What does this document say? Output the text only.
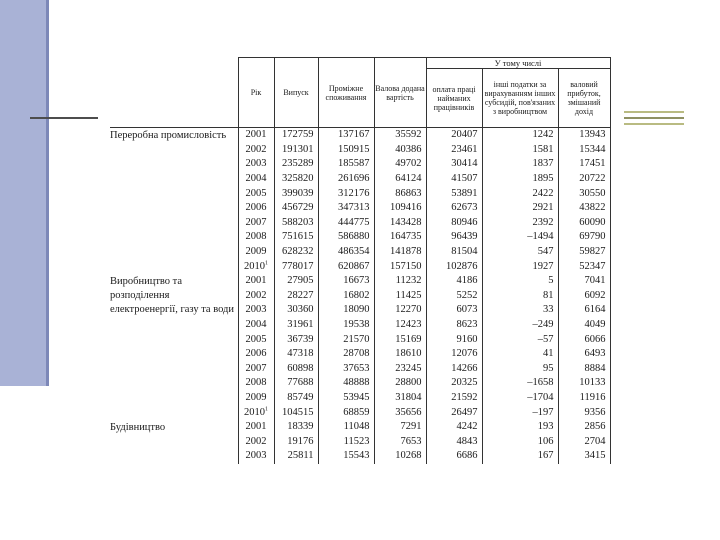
	Рік	Випуск	Проміжне споживання	Валова додана вартість	У тому числі		
					оплата праці найманих працівників	інші податки за вирахуванням інших субсидій, пов'язаних з виробництвом	валовий прибуток, змішаний дохід
Переробна промисловість	2001	172759	137167	35592	20407	1242	13943
	2002	191301	150915	40386	23461	1581	15344
	2003	235289	185587	49702	30414	1837	17451
	2004	325820	261696	64124	41507	1895	20722
	2005	399039	312176	86863	53891	2422	30550
	2006	456729	347313	109416	62673	2921	43822
	2007	588203	444775	143428	80946	2392	60090
	2008	751615	586880	164735	96439	–1494	69790
	2009	628232	486354	141878	81504	547	59827
	2010$^1$	778017	620867	157150	102876	1927	52347
Виробництво та розподілення електроенергії, газу та води	2001	27905	16673	11232	4186	5	7041
	2002	28227	16802	11425	5252	81	6092
	2003	30360	18090	12270	6073	33	6164
	2004	31961	19538	12423	8623	–249	4049
	2005	36739	21570	15169	9160	–57	6066
	2006	47318	28708	18610	12076	41	6493
	2007	60898	37653	23245	14266	95	8884
	2008	77688	48888	28800	20325	–1658	10133
	2009	85749	53945	31804	21592	–1704	11916
	2010$^1$	104515	68859	35656	26497	–197	9356
Будівництво	2001	18339	11048	7291	4242	193	2856
	2002	19176	11523	7653	4843	106	2704
	2003	25811	15543	10268	6686	167	3415
